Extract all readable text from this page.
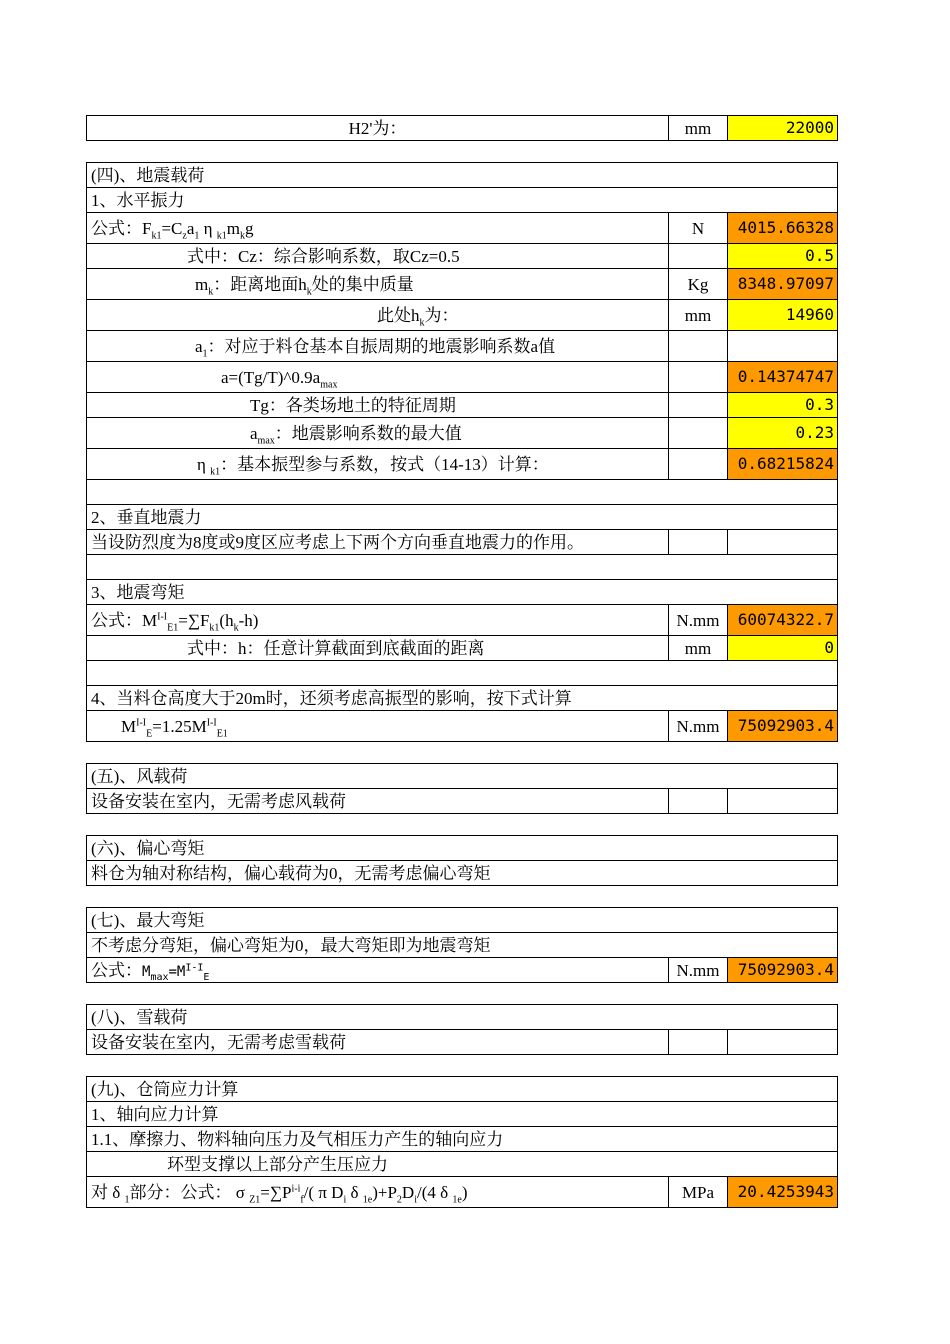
H2'为：	mm	22000
(四)、地震载荷		
1、水平振力		
公式：$F_{k1}=C_za_1$ η $_{k1}m_kg$	N	4015.66328
式中：Cz：综合影响系数，取Cz=0.5		0.5
$m_k$：距离地面$h_k$处的集中质量	Kg	8348.97097
此处$h_k$为：	mm	14960
$a_1$：对应于料仓基本自振周期的地震影响系数a值		
$a=(Tg/T)\^{}0.9a_{max}$		0.14374747
Tg：各类场地土的特征周期		0.3
$a_{max}$：地震影响系数的最大值		0.23
η $_{k1}$：基本振型参与系数，按式（14-13）计算：		0.68215824

2、垂直地震力		
当设防烈度为8度或9度区应考虑上下两个方向垂直地震力的作用。		

3、地震弯矩		
公式：$M^{I-I}_{E1}=\sum F_{k1}(h_k-h)$	N.mm	60074322.7
式中：h：任意计算截面到底截面的距离	mm	0

4、当料仓高度大于20m时，还须考虑高振型的影响，按下式计算		
$M^{I-I}_E=1.25M^{I-I}_{E1}$	N.mm	75092903.4
(五)、风载荷
设备安装在室内，无需考虑风载荷		
(六)、偏心弯矩
料仓为轴对称结构，偏心载荷为0，无需考虑偏心弯矩
(七)、最大弯矩
不考虑分弯矩，偏心弯矩为0，最大弯矩即为地震弯矩
公式：$M_{max}=M^{I-I}_E$	N.mm	75092903.4
(八)、雪载荷
设备安装在室内，无需考虑雪载荷		
(九)、仓筒应力计算
1、轴向应力计算
1.1、摩擦力、物料轴向压力及气相压力产生的轴向应力
环型支撑以上部分产生压应力
对 δ $_1$部分：公式： σ $_{Z1}=\sum P^{i-i}_f/$( π $D_i$ δ $_{1e})+P_2D_i/(4$ δ $_{1e}$)	MPa	20.4253943
